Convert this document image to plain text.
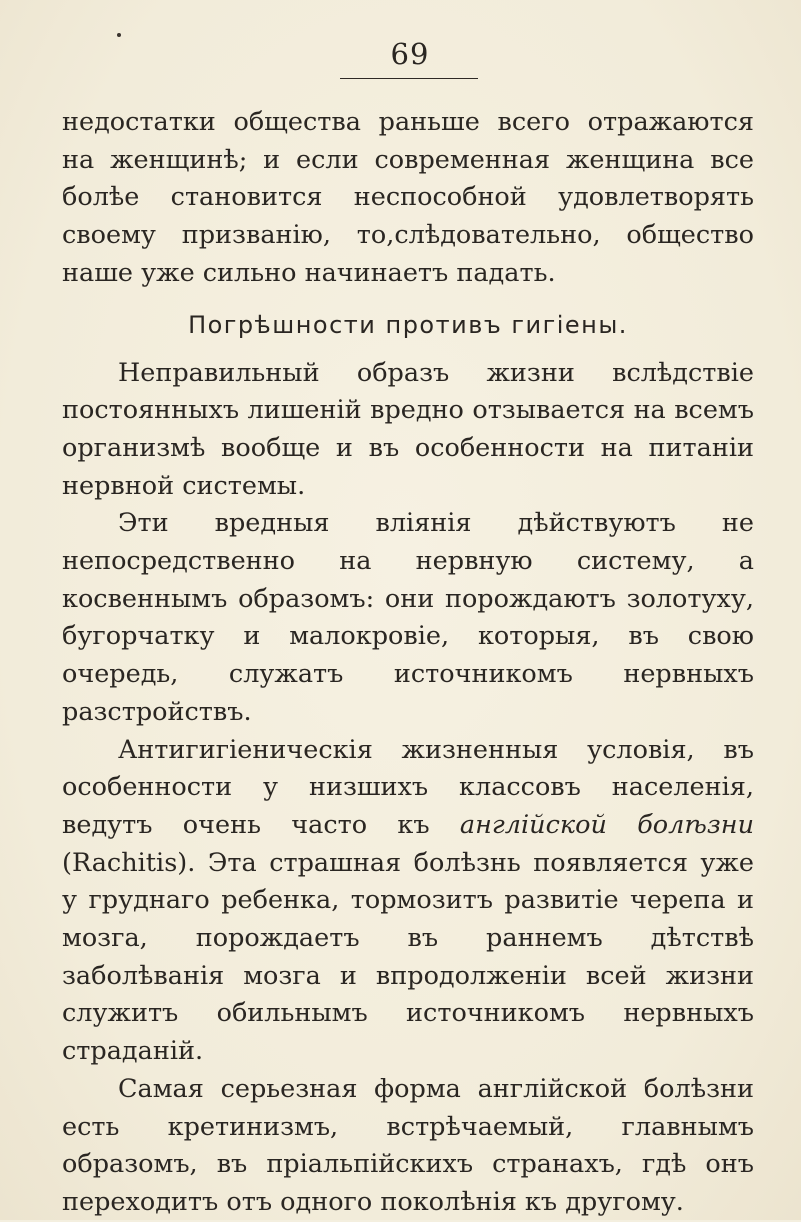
69

недостатки общества раньше всего отражаются на женщинѣ; и если современная женщина все болѣе становится неспособной удовлетворять своему призванію, то,слѣдовательно, общество наше уже сильно начинаетъ падать.

Погрѣшности противъ гигіены.

Неправильный образъ жизни вслѣдствіе постоянныхъ лишеній вредно отзывается на всемъ организмѣ вообще и въ особенности на питаніи нервной системы.

Эти вредныя вліянія дѣйствуютъ не непосредственно на нервную систему, а косвеннымъ образомъ: они порождаютъ золотуху, бугорчатку и малокровіе, которыя, въ свою очередь, служатъ источникомъ нервныхъ разстройствъ.

Антигигіеническія жизненныя условія, въ особенности у низшихъ классовъ населенія, ведутъ очень часто къ англійской болѣзни (Rachitis). Эта страшная болѣзнь появляется уже у груднаго ребенка, тормозитъ развитіе черепа и мозга, порождаетъ въ раннемъ дѣтствѣ заболѣванія мозга и впродолженіи всей жизни служитъ обильнымъ источникомъ нервныхъ страданій.

Самая серьезная форма англійской болѣзни есть кретинизмъ, встрѣчаемый, главнымъ образомъ, въ пріальпійскихъ странахъ, гдѣ онъ переходитъ отъ одного поколѣнія къ другому.
